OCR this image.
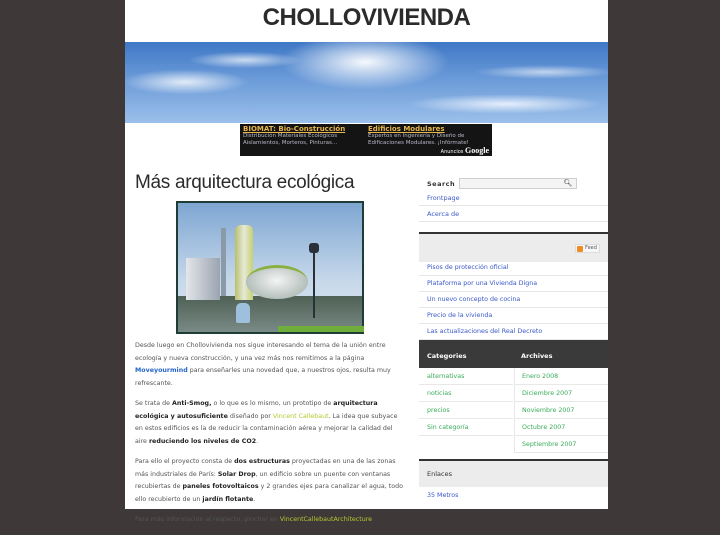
CHOLLOVIVIENDA
BIOMAT: Bio-Construcción
Distribución Materiales Ecológicos
Aislamientos, Morteros, Pinturas...
Edificios Modulares
Expertos en Ingeniería y Diseño de
Edificaciones Modulares. ¡Infórmate!
Anuncios Google
Más arquitectura ecológica

Desde luego en Chollovivienda nos sigue interesando el tema de la unión entre ecología y nueva construcción, y una vez más nos remitimos a la página Moveyourmind para enseñarles una novedad que, a nuestros ojos, resulta muy refrescante.

Se trata de Anti-Smog, o lo que es lo mismo, un prototipo de arquitectura ecológica y autosuficiente diseñado por Vincent Callebaut. La idea que subyace en estos edificios es la de reducir la contaminación aérea y mejorar la calidad del aire reduciendo los niveles de CO2.

Para ello el proyecto consta de dos estructuras proyectadas en una de las zonas más industriales de París: Solar Drop, un edificio sobre un puente con ventanas recubiertas de paneles fotovoltaicos y 2 grandes ejes para canalizar el agua, todo ello recubierto de un jardín flotante.

Para más información al respecto, pinchar en VincentCallebautArchitecture

Search	🔍︎
Frontpage
Acerca de
Feed
Pisos de protección oficial
Plataforma por una Vivienda Digna
Un nuevo concepto de cocina
Precio de la vivienda
Las actualizaciones del Real Decreto
Categories	Archives
alternativas
noticias
precios
Sin categoría
Enero 2008
Diciembre 2007
Noviembre 2007
Octubre 2007
Septiembre 2007
Enlaces
35 Metros
